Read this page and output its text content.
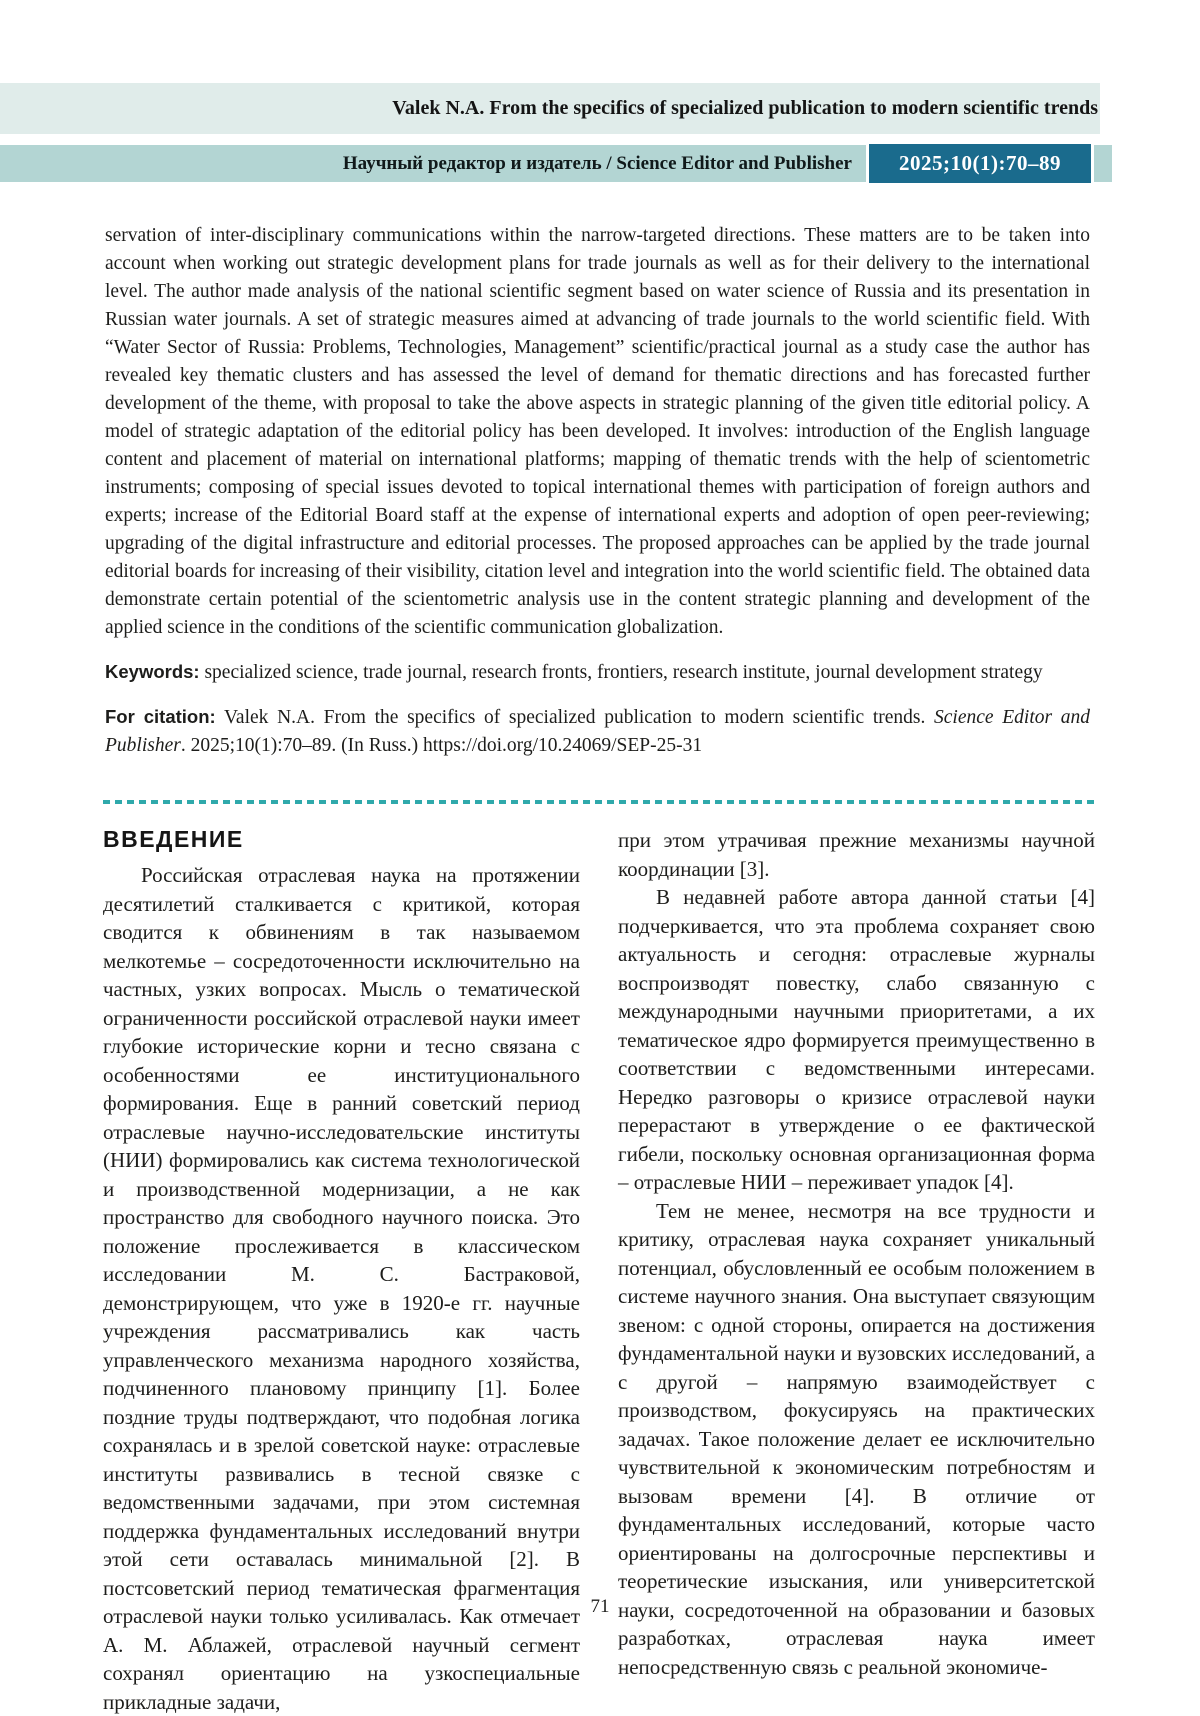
Valek N.A. From the specifics of specialized publication to modern scientific trends
Научный редактор и издатель / Science Editor and Publisher	2025;10(1):70–89

servation of inter-disciplinary communications within the narrow-targeted directions. These matters are to be taken into account when working out strategic development plans for trade journals as well as for their delivery to the international level. The author made analysis of the national scientific segment based on water science of Russia and its presentation in Russian water journals. A set of strategic measures aimed at advancing of trade journals to the world scientific field. With “Water Sector of Russia: Problems, Technologies, Management” scientific/practical journal as a study case the author has revealed key thematic clusters and has assessed the level of demand for thematic directions and has forecasted further development of the theme, with proposal to take the above aspects in strategic planning of the given title editorial policy. A model of strategic adaptation of the editorial policy has been developed. It involves: introduction of the English language content and placement of material on international platforms; mapping of thematic trends with the help of scientometric instruments; composing of special issues devoted to topical international themes with participation of foreign authors and experts; increase of the Editorial Board staff at the expense of international experts and adoption of open peer-reviewing; upgrading of the digital infrastructure and editorial processes. The proposed approaches can be applied by the trade journal editorial boards for increasing of their visibility, citation level and integration into the world scientific field. The obtained data demonstrate certain potential of the scientometric analysis use in the content strategic planning and development of the applied science in the conditions of the scientific communication globalization.

Keywords: specialized science, trade journal, research fronts, frontiers, research institute, journal development strategy

For citation: Valek N.A. From the specifics of specialized publication to modern scientific trends. Science Editor and Publisher. 2025;10(1):70–89. (In Russ.) https://doi.org/10.24069/SEP-25-31

ВВЕДЕНИЕ

Российская отраслевая наука на протяжении десятилетий сталкивается с критикой, которая сводится к обвинениям в так называемом мелкотемье – сосредоточенности исключительно на частных, узких вопросах. Мысль о тематической ограниченности российской отраслевой науки имеет глубокие исторические корни и тесно связана с особенностями ее институционального формирования. Еще в ранний советский период отраслевые научно-исследовательские институты (НИИ) формировались как система технологической и производственной модернизации, а не как пространство для свободного научного поиска. Это положение прослеживается в классическом исследовании М. С. Бастраковой, демонстрирующем, что уже в 1920-е гг. научные учреждения рассматривались как часть управленческого механизма народного хозяйства, подчиненного плановому принципу [1]. Более поздние труды подтверждают, что подобная логика сохранялась и в зрелой советской науке: отраслевые институты развивались в тесной связке с ведомственными задачами, при этом системная поддержка фундаментальных исследований внутри этой сети оставалась минимальной [2]. В постсоветский период тематическая фрагментация отраслевой науки только усиливалась. Как отмечает А. М. Аблажей, отраслевой научный сегмент сохранял ориентацию на узкоспециальные прикладные задачи,

при этом утрачивая прежние механизмы научной координации [3].

В недавней работе автора данной статьи [4] подчеркивается, что эта проблема сохраняет свою актуальность и сегодня: отраслевые журналы воспроизводят повестку, слабо связанную с международными научными приоритетами, а их тематическое ядро формируется преимущественно в соответствии с ведомственными интересами. Нередко разговоры о кризисе отраслевой науки перерастают в утверждение о ее фактической гибели, поскольку основная организационная форма – отраслевые НИИ – переживает упадок [4].

Тем не менее, несмотря на все трудности и критику, отраслевая наука сохраняет уникальный потенциал, обусловленный ее особым положением в системе научного знания. Она выступает связующим звеном: с одной стороны, опирается на достижения фундаментальной науки и вузовских исследований, а с другой – напрямую взаимодействует с производством, фокусируясь на практических задачах. Такое положение делает ее исключительно чувствительной к экономическим потребностям и вызовам времени [4]. В отличие от фундаментальных исследований, которые часто ориентированы на долгосрочные перспективы и теоретические изыскания, или университетской науки, сосредоточенной на образовании и базовых разработках, отраслевая наука имеет непосредственную связь с реальной экономиче-

71
